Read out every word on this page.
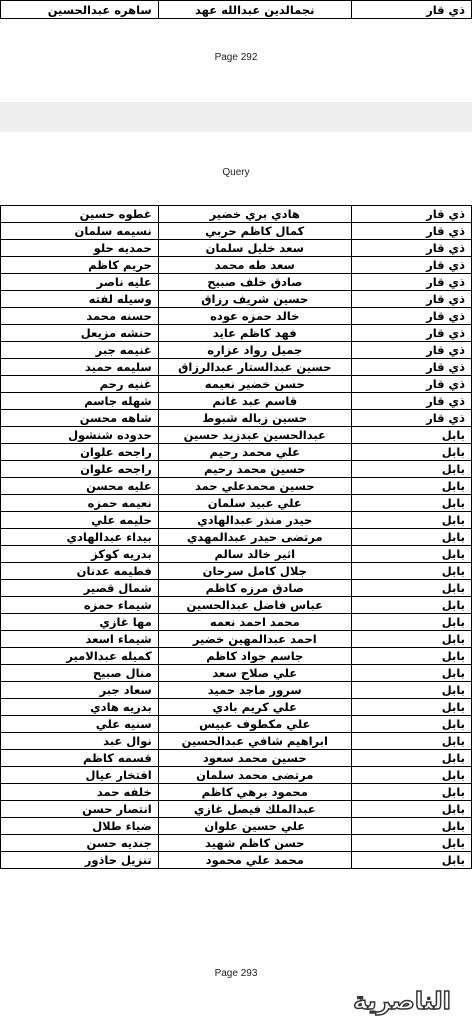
ذي قار	نجمالدين عبدالله عهد	ساهره عبدالحسين
Page 292
Query
ذي قار	هادي بري خضير	غطوه حسين
ذي قار	كمال كاظم حربي	نسيمه سلمان
ذي قار	سعد خليل سلمان	حمديه حلو
ذي قار	سعد طه محمد	حريم كاظم
ذي قار	صادق خلف صبيح	عليه ناصر
ذي قار	حسين شريف رزاق	وسيله لفته
ذي قار	خالد حمزه عوده	حسنه محمد
ذي قار	فهد كاظم عايد	حنشه مزيعل
ذي قار	جميل رواد عزاره	غنيمه جبر
ذي قار	حسين عبدالستار عبدالرزاق	سليمه حميد
ذي قار	حسن خضير نعيمه	غنيه رحم
ذي قار	قاسم عبد غانم	شهله جاسم
ذي قار	حسين زباله شبوط	شاهه محسن
بابل	عبدالحسين عبدزيد حسين	حدوده شنشول
بابل	علي محمد رحيم	راجحه علوان
بابل	حسين محمد رحيم	راجحه علوان
بابل	حسين محمدعلي حمد	عليه محسن
بابل	علي عبيد سلمان	نعيمه حمزه
بابل	حيدر منذر عبدالهادي	حليمه علي
بابل	مرتضى حيدر عبدالمهدي	بيداء عبدالهادي
بابل	اثير خالد سالم	بدريه كوكز
بابل	جلال كامل سرحان	فطيمه عدنان
بابل	صادق مرزه كاظم	شمال قصير
بابل	عباس فاضل عبدالحسين	شيماء حمزه
بابل	محمد احمد نعمه	مها غازي
بابل	احمد عبدالمهين خضير	شيماء اسعد
بابل	جاسم جواد كاظم	كميله عبدالامير
بابل	علي صلاح سعد	منال صبيح
بابل	سرور ماجد حميد	سعاد جبر
بابل	علي كريم بادي	بدريه هادي
بابل	علي مكطوف عبيس	سنيه علي
بابل	ابراهيم شافي عبدالحسين	نوال عبد
بابل	حسين محمد سعود	قسمه كاظم
بابل	مرتضى محمد سلمان	افتخار عيال
بابل	محمود برهي كاظم	خلفه حمد
بابل	عبدالملك فيصل غازي	انتصار حسن
بابل	علي حسين علوان	ضياء طلال
بابل	حسن كاظم شهيد	جنديه حسن
بابل	محمد علي محمود	تنزيل حاذور
Page 293
الناصرية
